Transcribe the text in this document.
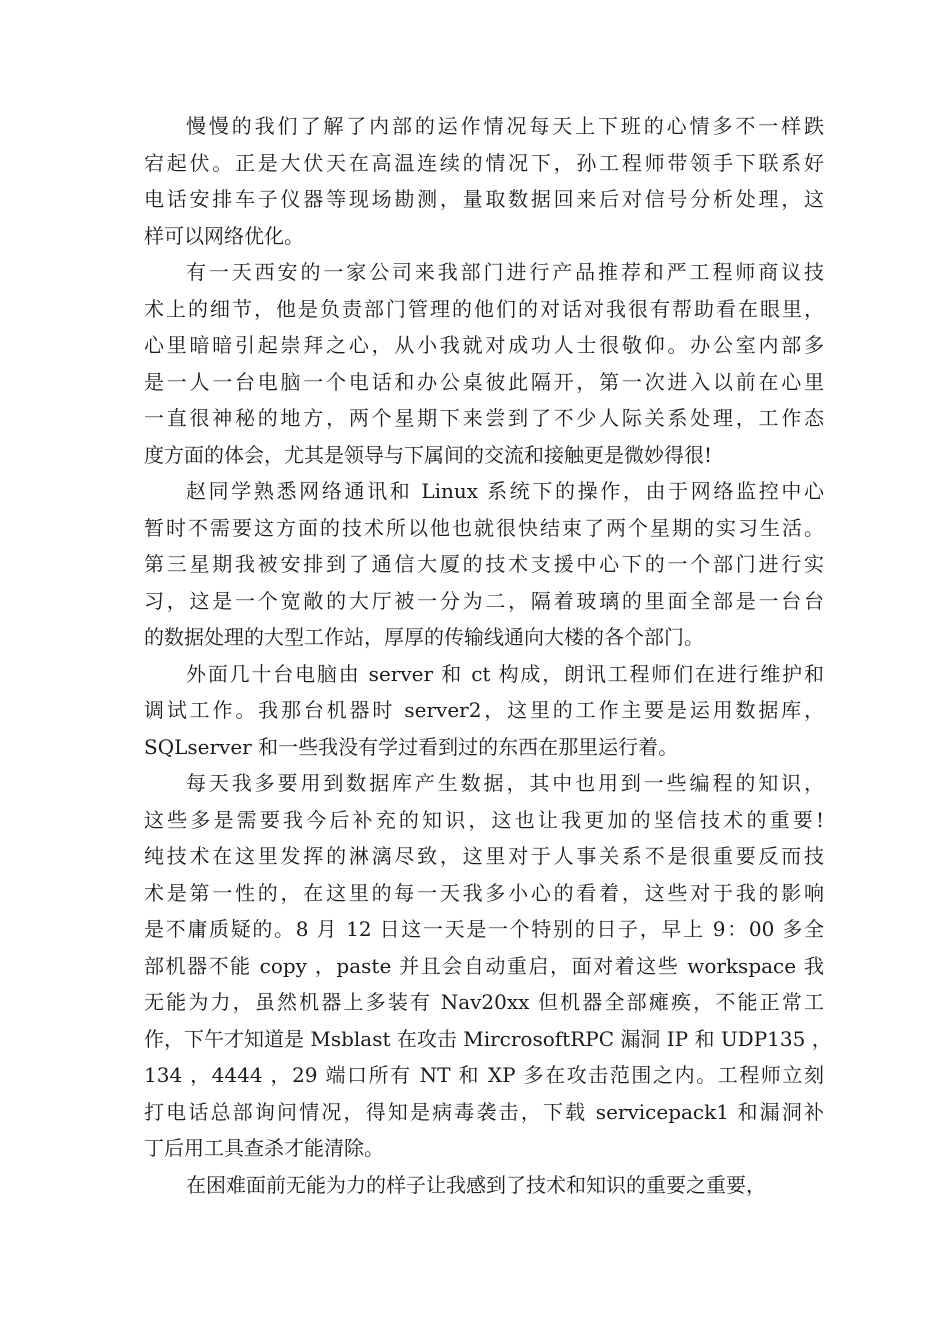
慢慢的我们了解了内部的运作情况每天上下班的心情多不一样跌
宕起伏。正是大伏天在高温连续的情况下，孙工程师带领手下联系好
电话安排车子仪器等现场勘测，量取数据回来后对信号分析处理，这
样可以网络优化。
有一天西安的一家公司来我部门进行产品推荐和严工程师商议技
术上的细节，他是负责部门管理的他们的对话对我很有帮助看在眼里，
心里暗暗引起崇拜之心，从小我就对成功人士很敬仰。办公室内部多
是一人一台电脑一个电话和办公桌彼此隔开，第一次进入以前在心里
一直很神秘的地方，两个星期下来尝到了不少人际关系处理，工作态
度方面的体会，尤其是领导与下属间的交流和接触更是微妙得很!
赵同学熟悉网络通讯和 Linux 系统下的操作，由于网络监控中心
暂时不需要这方面的技术所以他也就很快结束了两个星期的实习生活。
第三星期我被安排到了通信大厦的技术支援中心下的一个部门进行实
习，这是一个宽敞的大厅被一分为二，隔着玻璃的里面全部是一台台
的数据处理的大型工作站，厚厚的传输线通向大楼的各个部门。
外面几十台电脑由 server 和 ct 构成，朗讯工程师们在进行维护和
调试工作。我那台机器时 server2，这里的工作主要是运用数据库，
SQLserver 和一些我没有学过看到过的东西在那里运行着。
每天我多要用到数据库产生数据，其中也用到一些编程的知识，
这些多是需要我今后补充的知识，这也让我更加的坚信技术的重要!
纯技术在这里发挥的淋漓尽致，这里对于人事关系不是很重要反而技
术是第一性的，在这里的每一天我多小心的看着，这些对于我的影响
是不庸质疑的。8 月 12 日这一天是一个特别的日子，早上 9：00 多全
部机器不能 copy ，paste 并且会自动重启，面对着这些 workspace 我
无能为力，虽然机器上多装有 Nav20xx 但机器全部瘫痪，不能正常工
作，下午才知道是 Msblast 在攻击 MircrosoftRPC 漏洞 IP 和 UDP135 ，
134 ，4444 ，29 端口所有 NT 和 XP 多在攻击范围之内。工程师立刻
打电话总部询问情况，得知是病毒袭击，下载 servicepack1 和漏洞补
丁后用工具查杀才能清除。
在困难面前无能为力的样子让我感到了技术和知识的重要之重要，
